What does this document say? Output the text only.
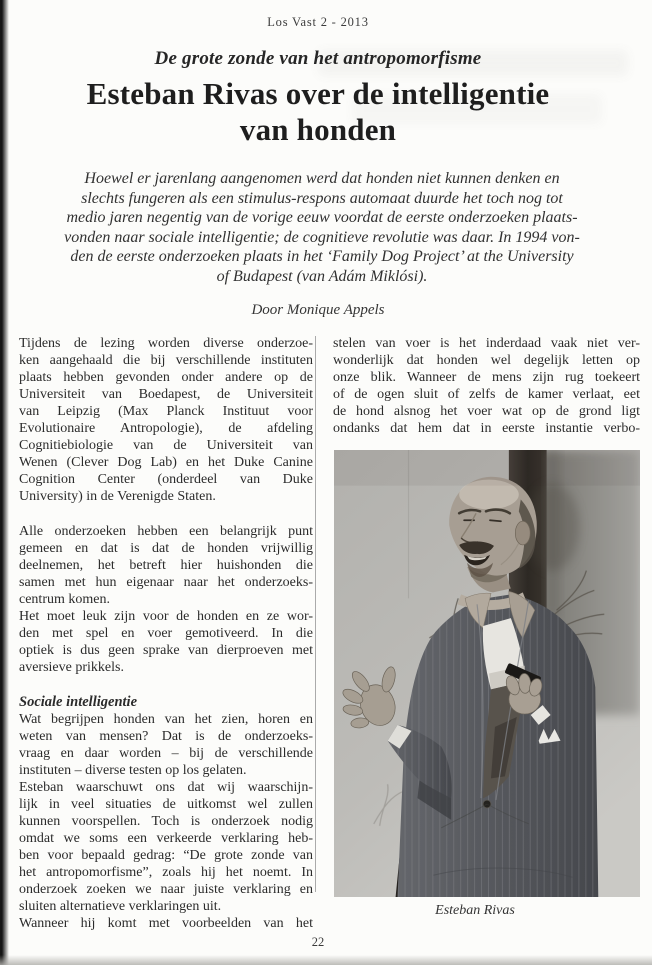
Los Vast 2 - 2013
De grote zonde van het antropomorfisme
Esteban Rivas over de intelligentie
van honden
Hoewel er jarenlang aangenomen werd dat honden niet kunnen denken en
slechts fungeren als een stimulus-respons automaat duurde het toch nog tot
medio jaren negentig van de vorige eeuw voordat de eerste onderzoeken plaats-
vonden naar sociale intelligentie; de cognitieve revolutie was daar. In 1994 von-
den de eerste onderzoeken plaats in het ‘Family Dog Project’ at the University
of Budapest (van Adám Miklósi).
Door Monique Appels
Tijdens de lezing worden diverse onderzoe-
ken aangehaald die bij verschillende instituten
plaats hebben gevonden onder andere op de
Universiteit van Boedapest, de Universiteit
van Leipzig (Max Planck Instituut voor
Evolutionaire Antropologie), de afdeling
Cognitiebiologie van de Universiteit van
Wenen (Clever Dog Lab) en het Duke Canine
Cognition Center (onderdeel van Duke
University) in de Verenigde Staten.
Alle onderzoeken hebben een belangrijk punt
gemeen en dat is dat de honden vrijwillig
deelnemen, het betreft hier huishonden die
samen met hun eigenaar naar het onderzoeks-
centrum komen.
Het moet leuk zijn voor de honden en ze wor-
den met spel en voer gemotiveerd. In die
optiek is dus geen sprake van dierproeven met
aversieve prikkels.
Sociale intelligentie
Wat begrijpen honden van het zien, horen en
weten van mensen? Dat is de onderzoeks-
vraag en daar worden – bij de verschillende
instituten – diverse testen op los gelaten.
Esteban waarschuwt ons dat wij waarschijn-
lijk in veel situaties de uitkomst wel zullen
kunnen voorspellen. Toch is onderzoek nodig
omdat we soms een verkeerde verklaring heb-
ben voor bepaald gedrag: “De grote zonde van
het antropomorfisme”, zoals hij het noemt. In
onderzoek zoeken we naar juiste verklaring en
sluiten alternatieve verklaringen uit.
Wanneer hij komt met voorbeelden van het
stelen van voer is het inderdaad vaak niet ver-
wonderlijk dat honden wel degelijk letten op
onze blik. Wanneer de mens zijn rug toekeert
of de ogen sluit of zelfs de kamer verlaat, eet
de hond alsnog het voer wat op de grond ligt
ondanks dat hem dat in eerste instantie verbo-
Esteban Rivas
22
